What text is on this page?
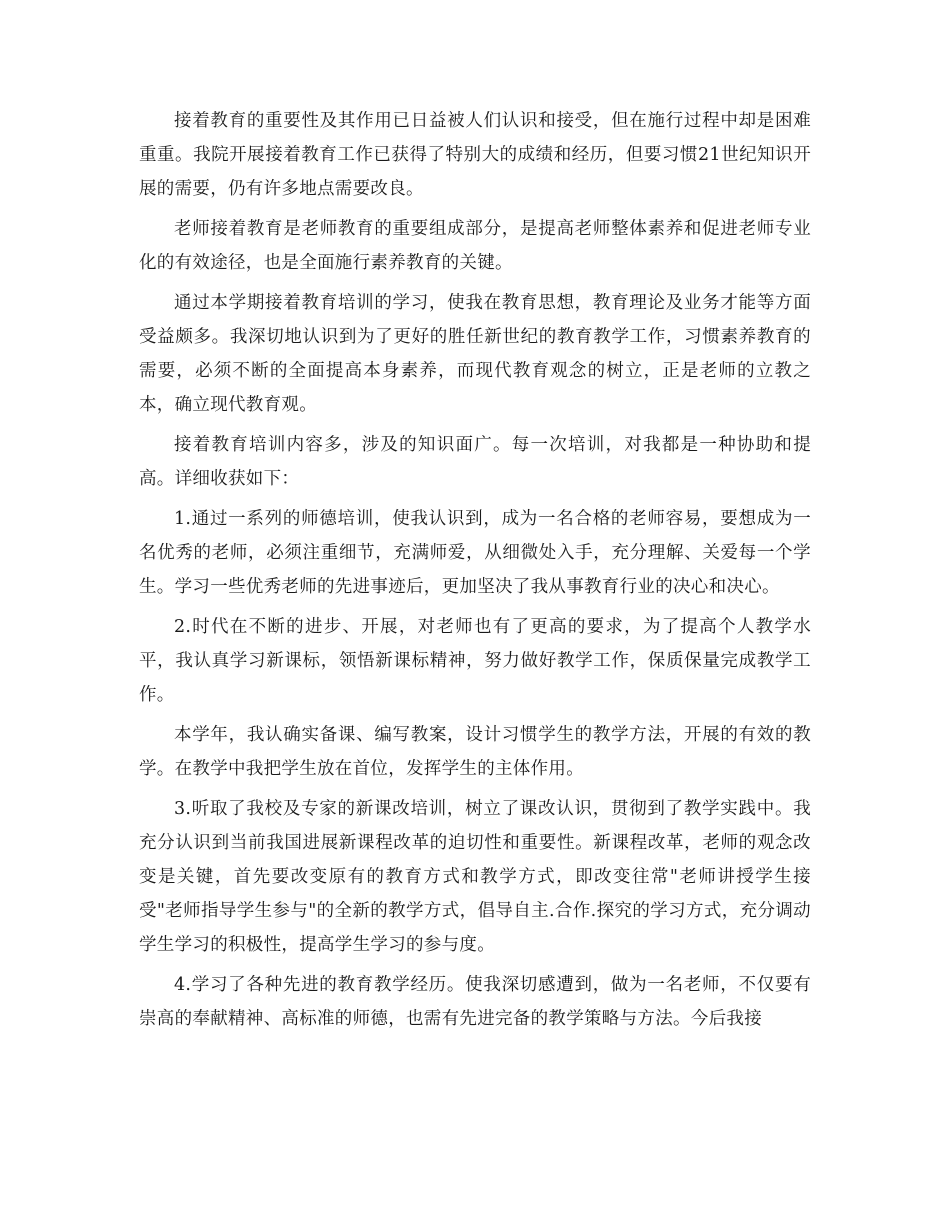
接着教育的重要性及其作用已日益被人们认识和接受，但在施行过程中却是困难重重。我院开展接着教育工作已获得了特别大的成绩和经历，但要习惯21世纪知识开展的需要，仍有许多地点需要改良。

老师接着教育是老师教育的重要组成部分，是提高老师整体素养和促进老师专业化的有效途径，也是全面施行素养教育的关键。

通过本学期接着教育培训的学习，使我在教育思想，教育理论及业务才能等方面受益颇多。我深切地认识到为了更好的胜任新世纪的教育教学工作，习惯素养教育的需要，必须不断的全面提高本身素养，而现代教育观念的树立，正是老师的立教之本，确立现代教育观。

接着教育培训内容多，涉及的知识面广。每一次培训，对我都是一种协助和提高。详细收获如下：

1.通过一系列的师德培训，使我认识到，成为一名合格的老师容易，要想成为一名优秀的老师，必须注重细节，充满师爱，从细微处入手，充分理解、关爱每一个学生。学习一些优秀老师的先进事迹后，更加坚决了我从事教育行业的决心和决心。

2.时代在不断的进步、开展，对老师也有了更高的要求，为了提高个人教学水平，我认真学习新课标，领悟新课标精神，努力做好教学工作，保质保量完成教学工作。

本学年，我认确实备课、编写教案，设计习惯学生的教学方法，开展的有效的教学。在教学中我把学生放在首位，发挥学生的主体作用。

3.听取了我校及专家的新课改培训，树立了课改认识，贯彻到了教学实践中。我充分认识到当前我国进展新课程改革的迫切性和重要性。新课程改革，老师的观念改变是关键，首先要改变原有的教育方式和教学方式，即改变往常"老师讲授学生接受"老师指导学生参与"的全新的教学方式，倡导自主.合作.探究的学习方式，充分调动学生学习的积极性，提高学生学习的参与度。

4.学习了各种先进的教育教学经历。使我深切感遭到，做为一名老师，不仅要有崇高的奉献精神、高标准的师德，也需有先进完备的教学策略与方法。今后我接
